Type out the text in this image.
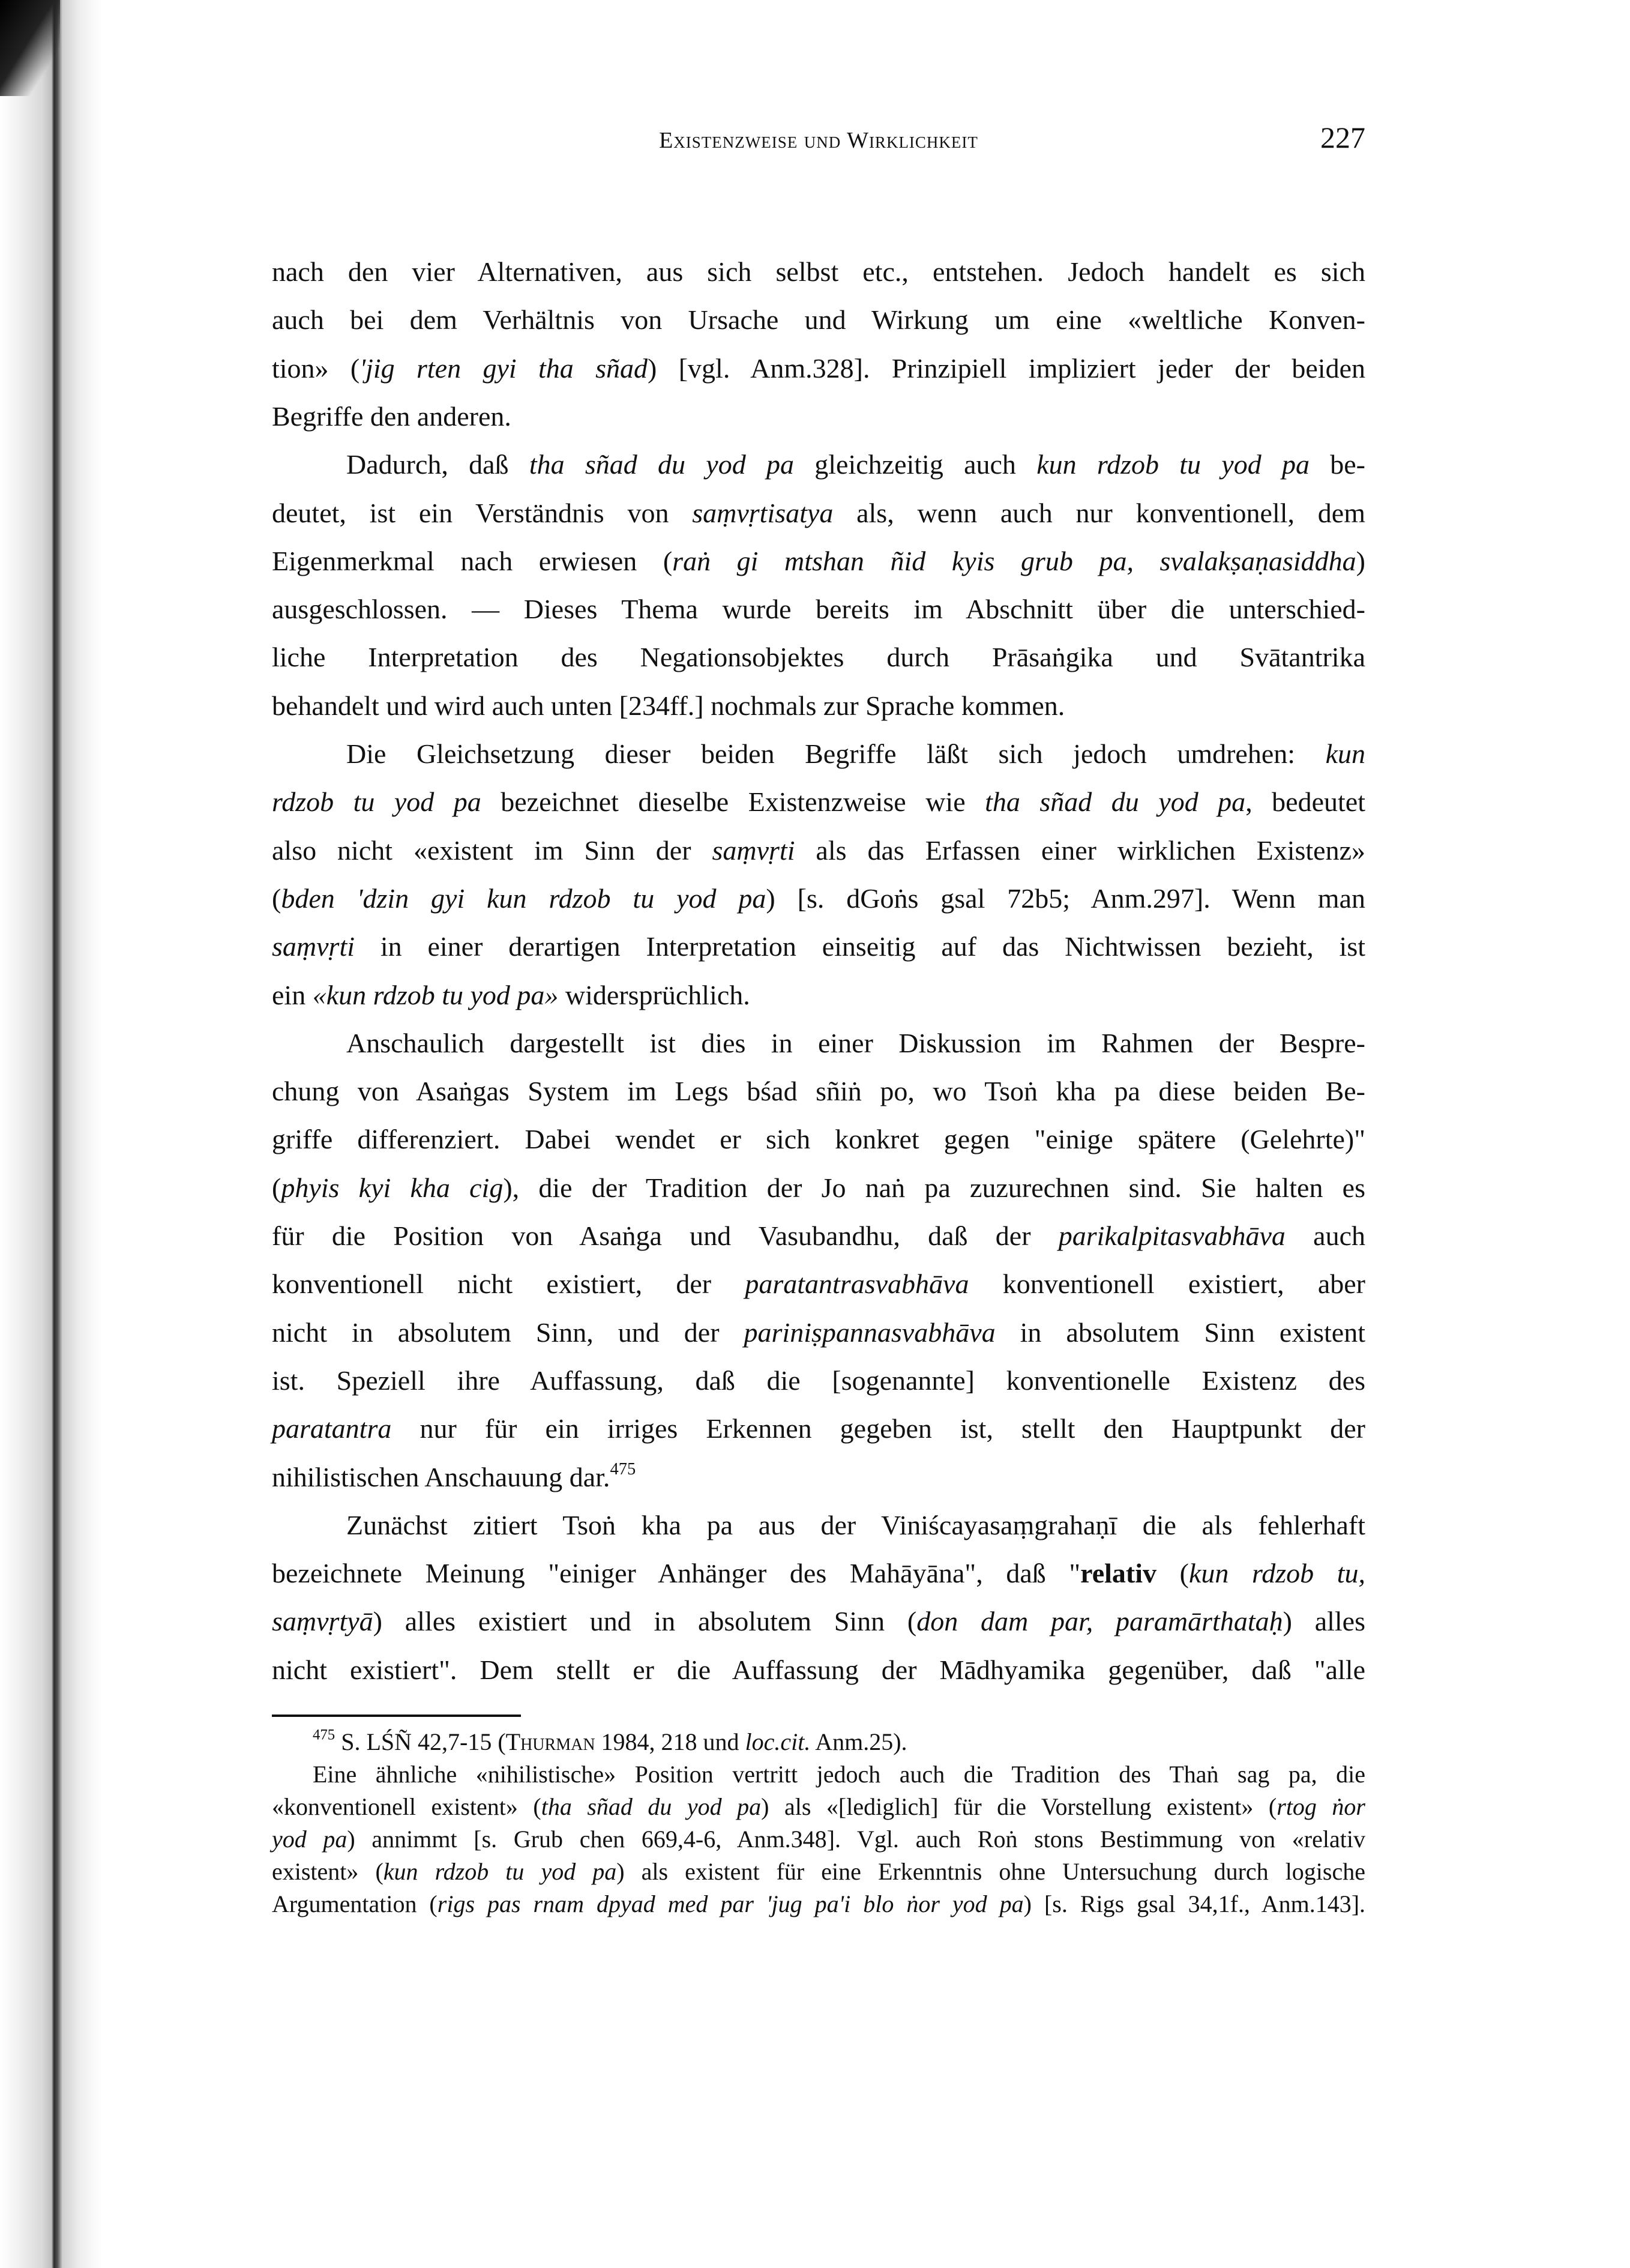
Existenzweise und Wirklichkeit	227
nach den vier Alternativen, aus sich selbst etc., entstehen. Jedoch handelt es sich
auch bei dem Verhältnis von Ursache und Wirkung um eine «weltliche Konven-
tion» ('jig rten gyi tha sñad) [vgl. Anm.328]. Prinzipiell impliziert jeder der beiden
Begriffe den anderen.
Dadurch, daß tha sñad du yod pa gleichzeitig auch kun rdzob tu yod pa be-
deutet, ist ein Verständnis von saṃvṛtisatya als, wenn auch nur konventionell, dem
Eigenmerkmal nach erwiesen (raṅ gi mtshan ñid kyis grub pa, svalakṣaṇasiddha)
ausgeschlossen. — Dieses Thema wurde bereits im Abschnitt über die unterschied-
liche Interpretation des Negationsobjektes durch Prāsaṅgika und Svātantrika
behandelt und wird auch unten [234ff.] nochmals zur Sprache kommen.
Die Gleichsetzung dieser beiden Begriffe läßt sich jedoch umdrehen: kun
rdzob tu yod pa bezeichnet dieselbe Existenzweise wie tha sñad du yod pa, bedeutet
also nicht «existent im Sinn der saṃvṛti als das Erfassen einer wirklichen Existenz»
(bden 'dzin gyi kun rdzob tu yod pa) [s. dGoṅs gsal 72b5; Anm.297]. Wenn man
saṃvṛti in einer derartigen Interpretation einseitig auf das Nichtwissen bezieht, ist
ein «kun rdzob tu yod pa» widersprüchlich.
Anschaulich dargestellt ist dies in einer Diskussion im Rahmen der Bespre-
chung von Asaṅgas System im Legs bśad sñiṅ po, wo Tsoṅ kha pa diese beiden Be-
griffe differenziert. Dabei wendet er sich konkret gegen "einige spätere (Gelehrte)"
(phyis kyi kha cig), die der Tradition der Jo naṅ pa zuzurechnen sind. Sie halten es
für die Position von Asaṅga und Vasubandhu, daß der parikalpitasvabhāva auch
konventionell nicht existiert, der paratantrasvabhāva konventionell existiert, aber
nicht in absolutem Sinn, und der pariniṣpannasvabhāva in absolutem Sinn existent
ist. Speziell ihre Auffassung, daß die [sogenannte] konventionelle Existenz des
paratantra nur für ein irriges Erkennen gegeben ist, stellt den Hauptpunkt der
nihilistischen Anschauung dar.$^{475}$
Zunächst zitiert Tsoṅ kha pa aus der Viniścayasaṃgrahaṇī die als fehlerhaft
bezeichnete Meinung "einiger Anhänger des Mahāyāna", daß "relativ (kun rdzob tu,
saṃvṛtyā) alles existiert und in absolutem Sinn (don dam par, paramārthataḥ) alles
nicht existiert". Dem stellt er die Auffassung der Mādhyamika gegenüber, daß "alle
$^{475}$ S. LŚÑ 42,7-15 (Thurman 1984, 218 und loc.cit. Anm.25).
Eine ähnliche «nihilistische» Position vertritt jedoch auch die Tradition des Thaṅ sag pa, die
«konventionell existent» (tha sñad du yod pa) als «[lediglich] für die Vorstellung existent» (rtog ṅor
yod pa) annimmt [s. Grub chen 669,4-6, Anm.348]. Vgl. auch Roṅ stons Bestimmung von «relativ
existent» (kun rdzob tu yod pa) als existent für eine Erkenntnis ohne Untersuchung durch logische
Argumentation (rigs pas rnam dpyad med par 'jug pa'i blo ṅor yod pa) [s. Rigs gsal 34,1f., Anm.143].
